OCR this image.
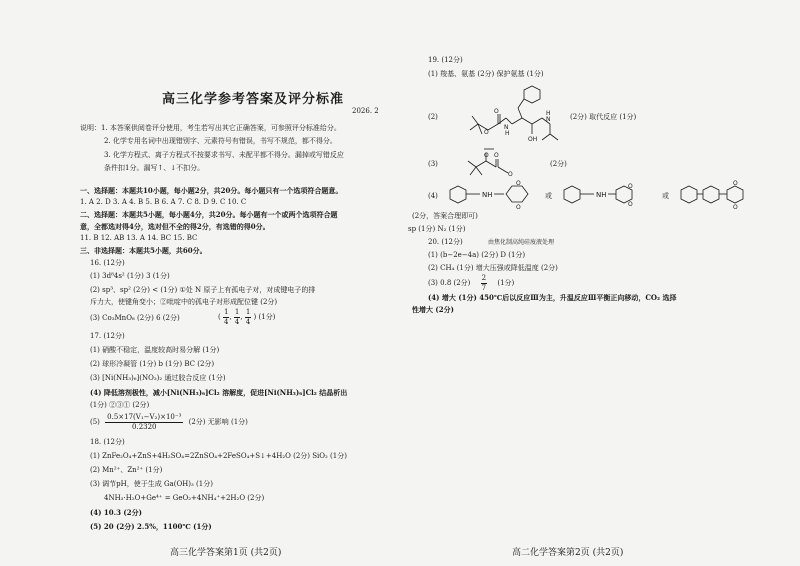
高三化学参考答案及评分标准
2026. 2
说明：1. 本答案供阅卷评分使用，考生若写出其它正确答案，可参照评分标准给分。
2. 化学专用名词中出现错别字、元素符号有错误，书写不规范，都不得分。
3. 化学方程式、离子方程式不按要求书写、未配平都不得分。漏掉或写错反应
条件扣1分。漏写↑、↓不扣分。
一、选择题：本题共10小题，每小题2分，共20分。每小题只有一个选项符合题意。
1. A 2. D 3. A 4. B 5. B 6. A 7. C 8. D 9. C 10. C
二、选择题：本题共5小题，每小题4分，共20分。每小题有一个或两个选项符合题
意，全都选对得4分，选对但不全的得2分，有选错的得0分。
11. B 12. AB 13. A 14. BC 15. BC
三、非选择题：本题共5小题，共60分。
16. (12分)
(1) 3d⁸4s² (1分) 3 (1分)
(2) sp³、sp² (2分) < (1分) ①处 N 原子上有孤电子对，对成键电子的排
斥力大，使键角变小；②吡啶中的孤电子对形成配位键 (2分)
(3) Co₃MnO₈ (2分) 6 (2分)	( $\frac{1}{4}$ , $\frac{1}{4}$ , $\frac{1}{4}$ ) (1分)
17. (12分)
(1) 硝酸不稳定，温度较高时易分解 (1分)
(2) 球形冷凝管 (1分) b (1分) BC (2分)
(3) [Ni(NH₃)₆](NO₃)₂ 通过胶合反应 (1分)
(4) 降低溶剂极性，减小[Ni(NH₃)₆]Cl₂ 溶解度，促进[Ni(NH₃)₆]Cl₂ 结晶析出
(1分) ②③① (2分)
$(5) \frac{\text{0.5×17(V₁−V₂)×10⁻³}}{0.2320} (2$分) 无影响 (1分)
18. (12分)
(1) ZnFe₂O₄+ZnS+4H₂SO₄=2ZnSO₄+2FeSO₄+S↓+4H₂O (2分) SiO₂ (1分)
(2) Mn²⁺、Zn²⁺ (1分)
(3) 调节pH，使于生成 Ga(OH)₃ (1分)
4NH₃·H₂O+Ge⁴⁺ = GeO₂+4NH₄⁺+2H₂O (2分)
(4) 10.3 (2分)
(5) 20 (2分) 2.5%，1100℃ (1分)
高三化学答案第1页 (共2页)
19. (12分)
(1) 羧基、氨基 (2分) 保护氨基 (1分)
(2)
N
H
O
O
OH
N
H	(2分) 取代反应 (1分)
(3)
O O
O
(2分)
(4)	NH
O
O
或	NH
O
O
或
O
O
(2分，答案合理即可)
sp (1分) N₂ (1分)
20. (12分)	由焦化制高纯硅废液处理
(1) (b−2e−4a) (2分) D (1分)
(2) CH₄ (1分) 增大压强或降低温度 (2分)
(3) 0.8 (2分) $\frac{2}{7} (1$分)
(4) 增大 (1分) 450℃后以反应Ⅲ为主，升温反应Ⅲ平衡正向移动，CO₂ 选择
性增大 (2分)
高二化学答案第2页 (共2页)
